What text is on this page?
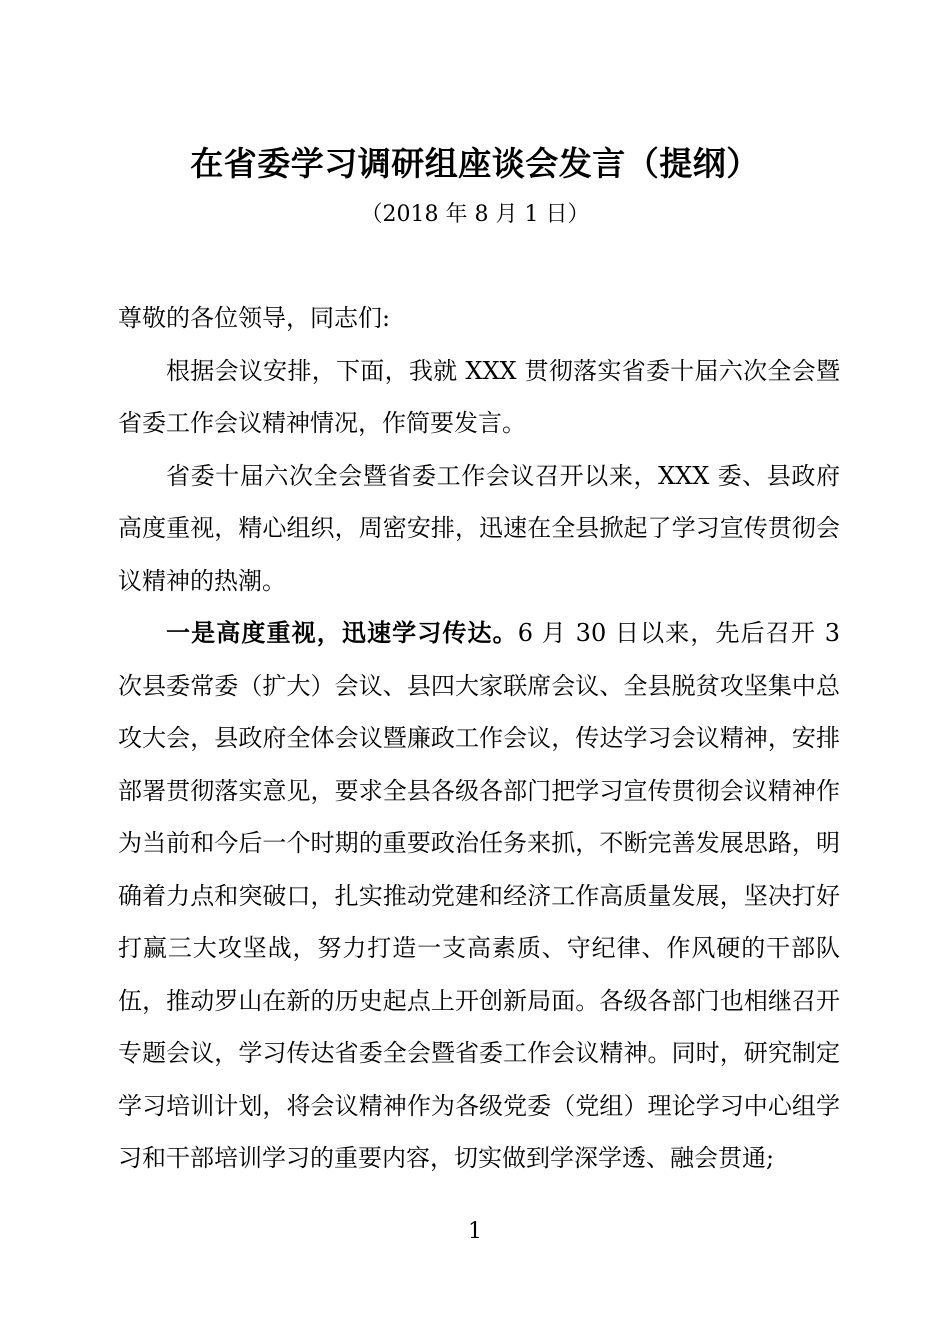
在省委学习调研组座谈会发言（提纲）
（2018 年 8 月 1 日）

尊敬的各位领导，同志们:

根据会议安排，下面，我就 XXX 贯彻落实省委十届六次全会暨省委工作会议精神情况，作简要发言。

省委十届六次全会暨省委工作会议召开以来，XXX 委、县政府高度重视，精心组织，周密安排，迅速在全县掀起了学习宣传贯彻会议精神的热潮。

一是高度重视，迅速学习传达。6 月 30 日以来，先后召开 3 次县委常委（扩大）会议、县四大家联席会议、全县脱贫攻坚集中总攻大会，县政府全体会议暨廉政工作会议，传达学习会议精神，安排部署贯彻落实意见，要求全县各级各部门把学习宣传贯彻会议精神作为当前和今后一个时期的重要政治任务来抓，不断完善发展思路，明确着力点和突破口，扎实推动党建和经济工作高质量发展，坚决打好打赢三大攻坚战，努力打造一支高素质、守纪律、作风硬的干部队伍，推动罗山在新的历史起点上开创新局面。各级各部门也相继召开专题会议，学习传达省委全会暨省委工作会议精神。同时，研究制定学习培训计划，将会议精神作为各级党委（党组）理论学习中心组学习和干部培训学习的重要内容，切实做到学深学透、融会贯通;

1
